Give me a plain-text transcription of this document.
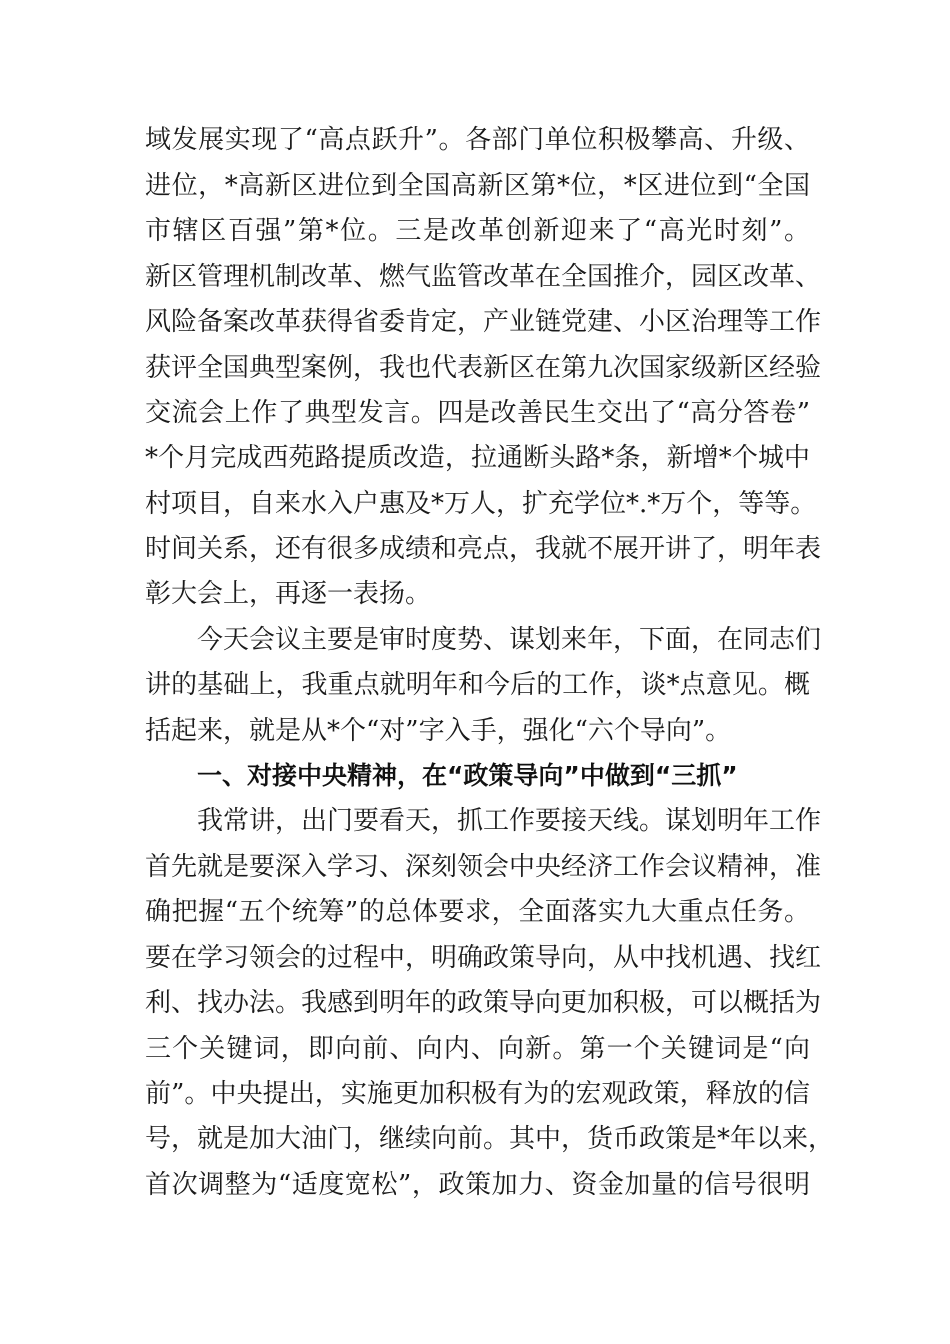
域发展实现了“高点跃升”。各部门单位积极攀高、升级、
进位，*高新区进位到全国高新区第*位，*区进位到“全国
市辖区百强”第*位。三是改革创新迎来了“高光时刻”。
新区管理机制改革、燃气监管改革在全国推介，园区改革、
风险备案改革获得省委肯定，产业链党建、小区治理等工作
获评全国典型案例，我也代表新区在第九次国家级新区经验
交流会上作了典型发言。四是改善民生交出了“高分答卷”
*个月完成西苑路提质改造，拉通断头路*条，新增*个城中
村项目，自来水入户惠及*万人，扩充学位*.*万个，等等。
时间关系，还有很多成绩和亮点，我就不展开讲了，明年表
彰大会上，再逐一表扬。
今天会议主要是审时度势、谋划来年，下面，在同志们
讲的基础上，我重点就明年和今后的工作，谈*点意见。概
括起来，就是从*个“对”字入手，强化“六个导向”。
一、对接中央精神，在“政策导向”中做到“三抓”
我常讲，出门要看天，抓工作要接天线。谋划明年工作
首先就是要深入学习、深刻领会中央经济工作会议精神，准
确把握“五个统筹”的总体要求，全面落实九大重点任务。
要在学习领会的过程中，明确政策导向，从中找机遇、找红
利、找办法。我感到明年的政策导向更加积极，可以概括为
三个关键词，即向前、向内、向新。第一个关键词是“向
前”。中央提出，实施更加积极有为的宏观政策，释放的信
号，就是加大油门，继续向前。其中，货币政策是*年以来，
首次调整为“适度宽松”，政策加力、资金加量的信号很明
